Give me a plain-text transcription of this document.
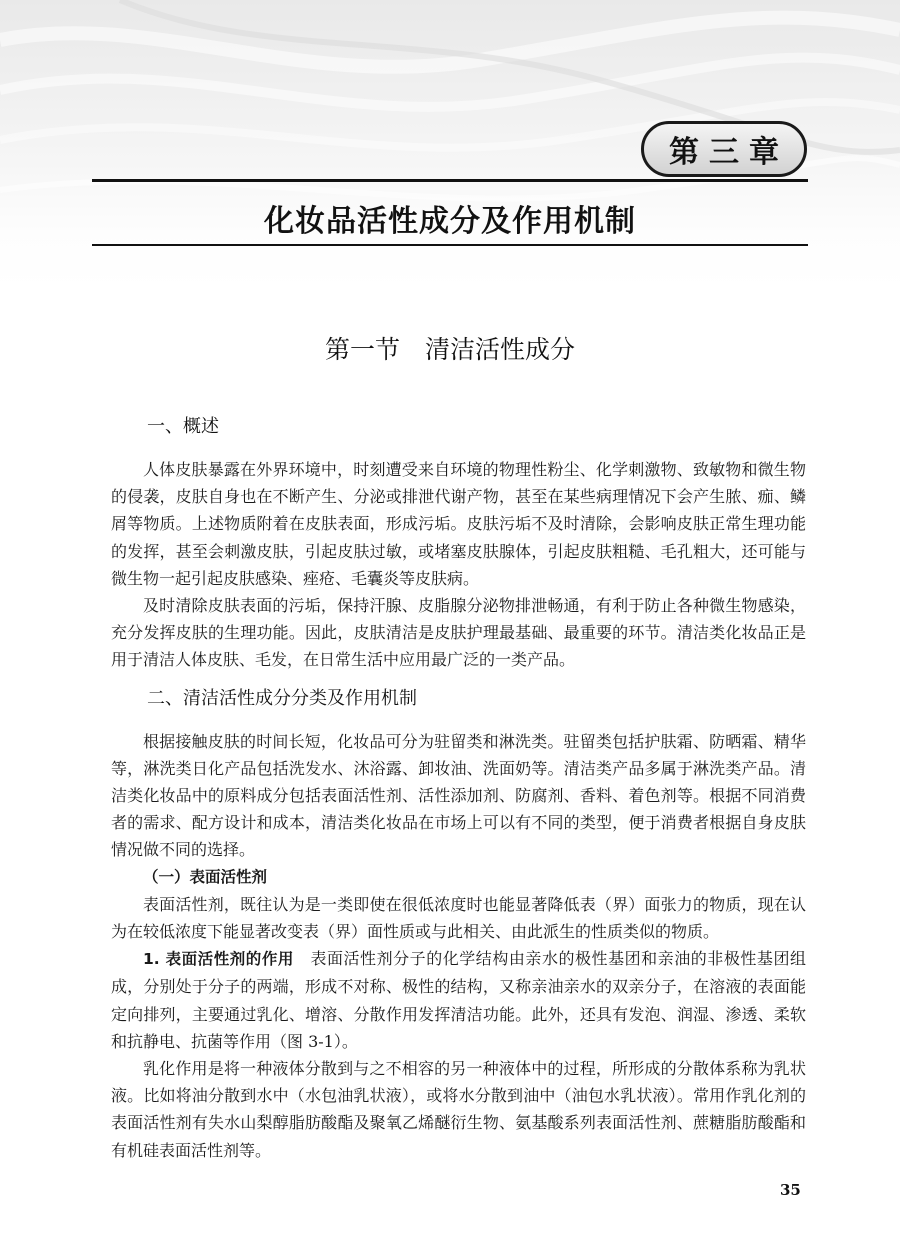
第三章
化妆品活性成分及作用机制
第一节　清洁活性成分
一、概述

人体皮肤暴露在外界环境中，时刻遭受来自环境的物理性粉尘、化学刺激物、致敏物和微生物的侵袭，皮肤自身也在不断产生、分泌或排泄代谢产物，甚至在某些病理情况下会产生脓、痂、鳞屑等物质。上述物质附着在皮肤表面，形成污垢。皮肤污垢不及时清除，会影响皮肤正常生理功能的发挥，甚至会刺激皮肤，引起皮肤过敏，或堵塞皮肤腺体，引起皮肤粗糙、毛孔粗大，还可能与微生物一起引起皮肤感染、痤疮、毛囊炎等皮肤病。

及时清除皮肤表面的污垢，保持汗腺、皮脂腺分泌物排泄畅通，有利于防止各种微生物感染，充分发挥皮肤的生理功能。因此，皮肤清洁是皮肤护理最基础、最重要的环节。清洁类化妆品正是用于清洁人体皮肤、毛发，在日常生活中应用最广泛的一类产品。

二、清洁活性成分分类及作用机制

根据接触皮肤的时间长短，化妆品可分为驻留类和淋洗类。驻留类包括护肤霜、防晒霜、精华等，淋洗类日化产品包括洗发水、沐浴露、卸妆油、洗面奶等。清洁类产品多属于淋洗类产品。清洁类化妆品中的原料成分包括表面活性剂、活性添加剂、防腐剂、香料、着色剂等。根据不同消费者的需求、配方设计和成本，清洁类化妆品在市场上可以有不同的类型，便于消费者根据自身皮肤情况做不同的选择。

（一）表面活性剂

表面活性剂，既往认为是一类即使在很低浓度时也能显著降低表（界）面张力的物质，现在认为在较低浓度下能显著改变表（界）面性质或与此相关、由此派生的性质类似的物质。

1. 表面活性剂的作用　 表面活性剂分子的化学结构由亲水的极性基团和亲油的非极性基团组成，分别处于分子的两端，形成不对称、极性的结构，又称亲油亲水的双亲分子，在溶液的表面能定向排列，主要通过乳化、增溶、分散作用发挥清洁功能。此外，还具有发泡、润湿、渗透、柔软和抗静电、抗菌等作用（图 3-1）。

乳化作用是将一种液体分散到与之不相容的另一种液体中的过程，所形成的分散体系称为乳状液。比如将油分散到水中（水包油乳状液），或将水分散到油中（油包水乳状液）。常用作乳化剂的表面活性剂有失水山梨醇脂肪酸酯及聚氧乙烯醚衍生物、氨基酸系列表面活性剂、蔗糖脂肪酸酯和有机硅表面活性剂等。

35
